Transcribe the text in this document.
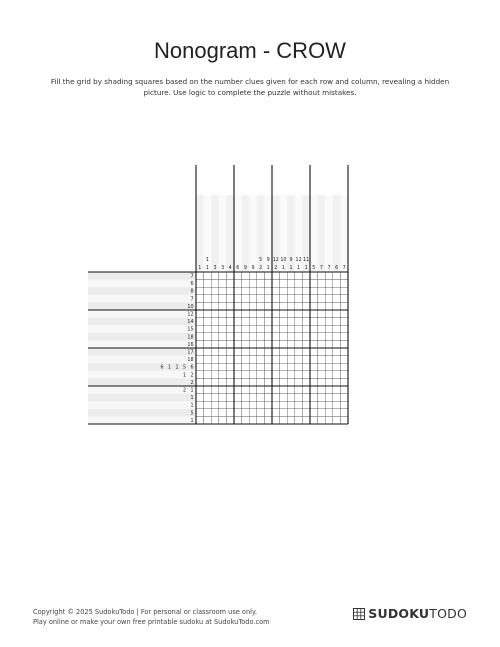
Nonogram - CROW
Fill the grid by shading squares based on the number clues given for each row and column, revealing a hidden picture. Use logic to complete the puzzle without mistakes.
1
1
1 3 3 4 6 9 9
5
2
9
1
12
2
10
1
9
1
12
1
11
1 5 7 7 6 7
7
6
8
7
10
12
14
15
18
16
17
18
6 1 1 5 6
1 2
2
2 1
1
1
5
1
Copyright © 2025 SudokuTodo | For personal or classroom use only.
Play online or make your own free printable sudoku at SudokuTodo.com
SUDOKU TODO
